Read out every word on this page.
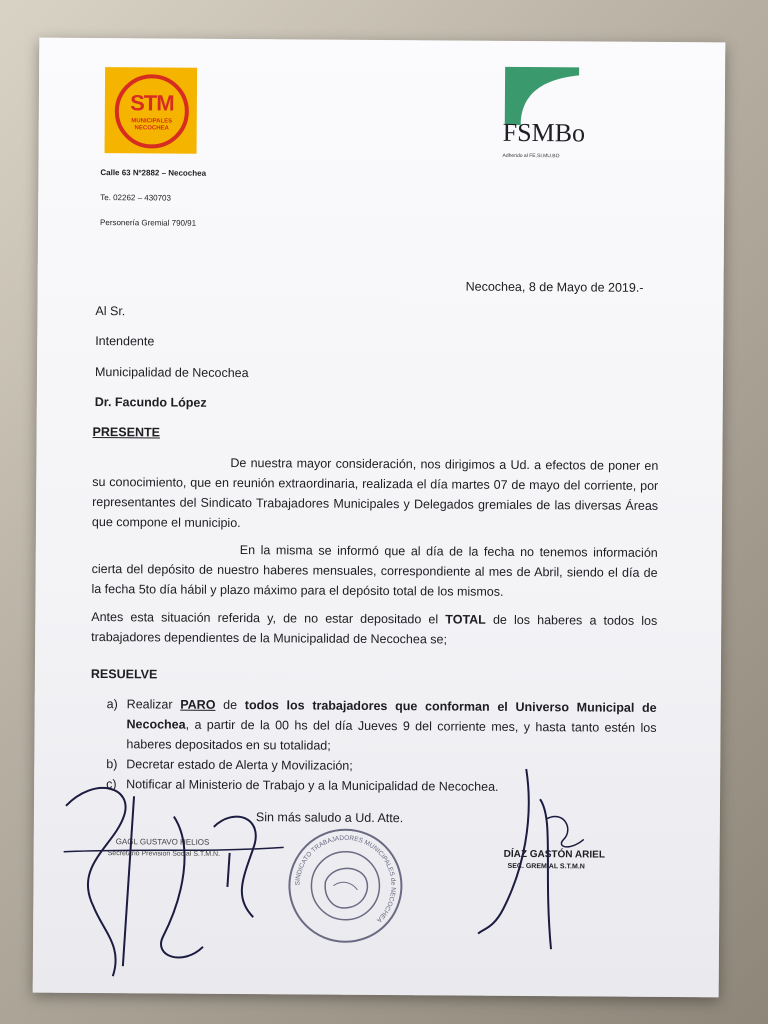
STM
MUNICIPALES
NECOCHEA	FSMBo
Adherido al FE.SI.MU.BO
Calle 63 Nº2882 – Necochea
Te. 02262 – 430703
Personería Gremial 790/91
Necochea, 8 de Mayo de 2019.-
Al Sr.
Intendente
Municipalidad de Necochea
Dr. Facundo López
PRESENTE
De nuestra mayor consideración, nos dirigimos a Ud. a efectos de poner en su conocimiento, que en reunión extraordinaria, realizada el día martes 07 de mayo del corriente, por representantes del Sindicato Trabajadores Municipales y Delegados gremiales de las diversas Áreas que compone el municipio.
En la misma se informó que al día de la fecha no tenemos información cierta del depósito de nuestro haberes mensuales, correspondiente al mes de Abril, siendo el día de la fecha 5to día hábil y plazo máximo para el depósito total de los mismos.
Antes esta situación referida y, de no estar depositado el TOTAL de los haberes a todos los trabajadores dependientes de la Municipalidad de Necochea se;
RESUELVE
a) Realizar PARO de todos los trabajadores que conforman el Universo Municipal de Necochea, a partir de la 00 hs del día Jueves 9 del corriente mes, y hasta tanto estén los haberes depositados en su totalidad;
b) Decretar estado de Alerta y Movilización;
c) Notificar al Ministerio de Trabajo y a la Municipalidad de Necochea.
Sin más saludo a Ud. Atte.
GAGL GUSTAVO HELIOS
Secretario Prevision Social S.T.M.N.	DÍAZ GASTÓN ARIEL
SEC. GREMIAL S.T.M.N
SINDICATO TRABAJADORES MUNICIPALES de NECOCHEA
